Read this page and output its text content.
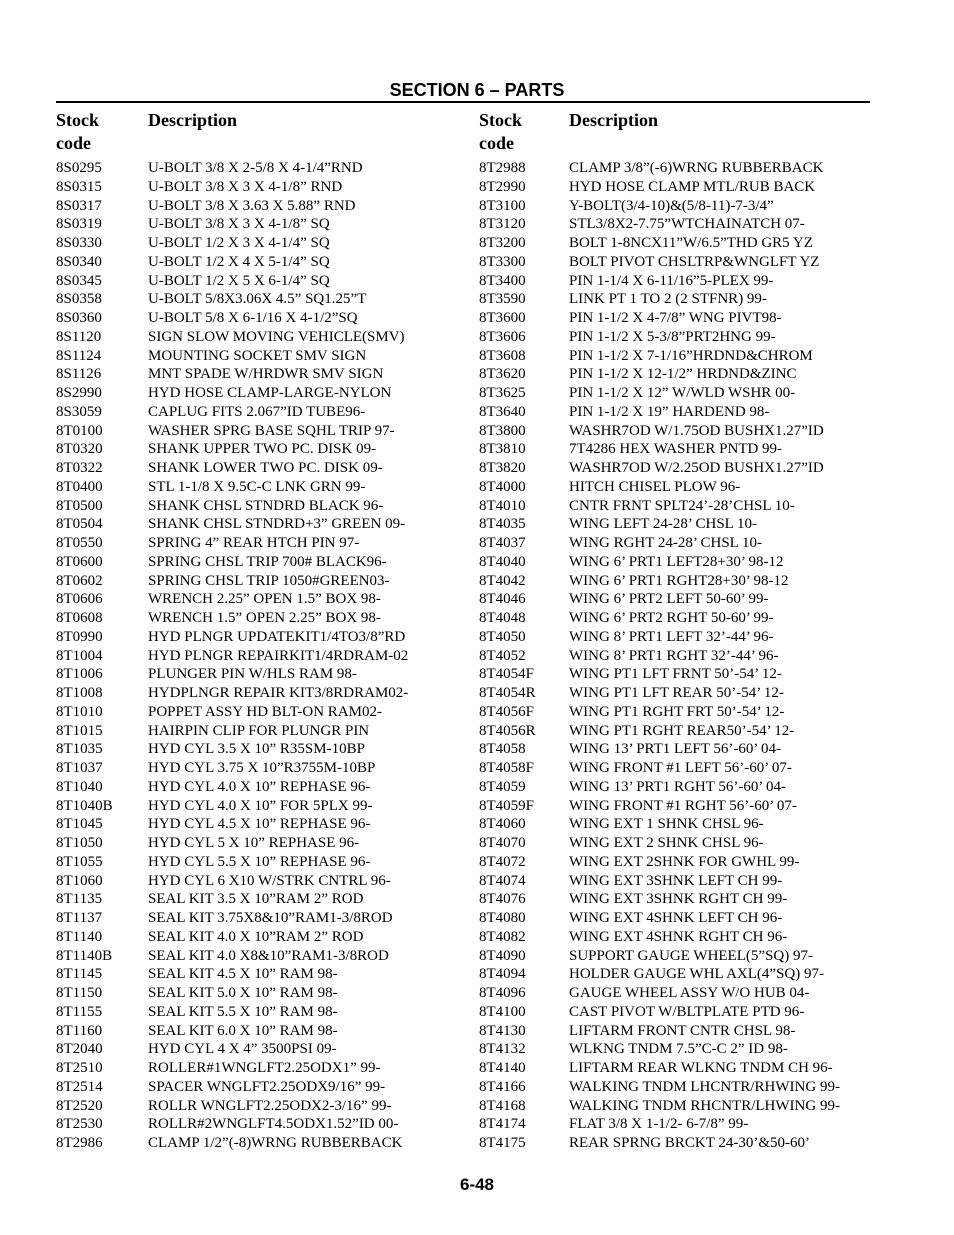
SECTION 6 – PARTS
Stock
code
Description
8S0295	U-BOLT 3/8 X 2-5/8 X 4-1/4”RND
8S0315	U-BOLT 3/8 X 3 X 4-1/8” RND
8S0317	U-BOLT 3/8 X 3.63 X 5.88” RND
8S0319	U-BOLT 3/8 X 3 X 4-1/8” SQ
8S0330	U-BOLT 1/2 X 3 X 4-1/4” SQ
8S0340	U-BOLT 1/2 X 4 X 5-1/4” SQ
8S0345	U-BOLT 1/2 X 5 X 6-1/4” SQ
8S0358	U-BOLT 5/8X3.06X 4.5” SQ1.25”T
8S0360	U-BOLT 5/8 X 6-1/16 X 4-1/2”SQ
8S1120	SIGN SLOW MOVING VEHICLE(SMV)
8S1124	MOUNTING SOCKET SMV SIGN
8S1126	MNT SPADE W/HRDWR SMV SIGN
8S2990	HYD HOSE CLAMP-LARGE-NYLON
8S3059	CAPLUG FITS 2.067”ID TUBE96-
8T0100	WASHER SPRG BASE SQHL TRIP 97-
8T0320	SHANK UPPER TWO PC. DISK 09-
8T0322	SHANK LOWER TWO PC. DISK 09-
8T0400	STL 1-1/8 X 9.5C-C LNK GRN 99-
8T0500	SHANK CHSL STNDRD BLACK 96-
8T0504	SHANK CHSL STNDRD+3” GREEN 09-
8T0550	SPRING 4” REAR HTCH PIN 97-
8T0600	SPRING CHSL TRIP 700# BLACK96-
8T0602	SPRING CHSL TRIP 1050#GREEN03-
8T0606	WRENCH 2.25” OPEN 1.5” BOX 98-
8T0608	WRENCH 1.5” OPEN 2.25” BOX 98-
8T0990	HYD PLNGR UPDATEKIT1/4TO3/8”RD
8T1004	HYD PLNGR REPAIRKIT1/4RDRAM-02
8T1006	PLUNGER PIN W/HLS RAM 98-
8T1008	HYDPLNGR REPAIR KIT3/8RDRAM02-
8T1010	POPPET ASSY HD BLT-ON RAM02-
8T1015	HAIRPIN CLIP FOR PLUNGR PIN
8T1035	HYD CYL 3.5 X 10” R35SM-10BP
8T1037	HYD CYL 3.75 X 10”R3755M-10BP
8T1040	HYD CYL 4.0 X 10” REPHASE 96-
8T1040B	HYD CYL 4.0 X 10” FOR 5PLX 99-
8T1045	HYD CYL 4.5 X 10” REPHASE 96-
8T1050	HYD CYL 5 X 10” REPHASE 96-
8T1055	HYD CYL 5.5 X 10” REPHASE 96-
8T1060	HYD CYL 6 X10 W/STRK CNTRL 96-
8T1135	SEAL KIT 3.5 X 10”RAM 2” ROD
8T1137	SEAL KIT 3.75X8&10”RAM1-3/8ROD
8T1140	SEAL KIT 4.0 X 10”RAM 2” ROD
8T1140B	SEAL KIT 4.0 X8&10”RAM1-3/8ROD
8T1145	SEAL KIT 4.5 X 10” RAM 98-
8T1150	SEAL KIT 5.0 X 10” RAM 98-
8T1155	SEAL KIT 5.5 X 10” RAM 98-
8T1160	SEAL KIT 6.0 X 10” RAM 98-
8T2040	HYD CYL 4 X 4” 3500PSI 09-
8T2510	ROLLER#1WNGLFT2.25ODX1” 99-
8T2514	SPACER WNGLFT2.25ODX9/16” 99-
8T2520	ROLLR WNGLFT2.25ODX2-3/16” 99-
8T2530	ROLLR#2WNGLFT4.5ODX1.52”ID 00-
8T2986	CLAMP 1/2”(-8)WRNG RUBBERBACK
Stock
code
Description
8T2988	CLAMP 3/8”(-6)WRNG RUBBERBACK
8T2990	HYD HOSE CLAMP MTL/RUB BACK
8T3100	Y-BOLT(3/4-10)&(5/8-11)-7-3/4”
8T3120	STL3/8X2-7.75”WTCHAINATCH 07-
8T3200	BOLT 1-8NCX11”W/6.5”THD GR5 YZ
8T3300	BOLT PIVOT CHSLTRP&WNGLFT YZ
8T3400	PIN 1-1/4 X 6-11/16”5-PLEX 99-
8T3590	LINK PT 1 TO 2 (2 STFNR) 99-
8T3600	PIN 1-1/2 X 4-7/8” WNG PIVT98-
8T3606	PIN 1-1/2 X 5-3/8”PRT2HNG 99-
8T3608	PIN 1-1/2 X 7-1/16”HRDND&CHROM
8T3620	PIN 1-1/2 X 12-1/2” HRDND&ZINC
8T3625	PIN 1-1/2 X 12” W/WLD WSHR 00-
8T3640	PIN 1-1/2 X 19” HARDEND 98-
8T3800	WASHR7OD W/1.75OD BUSHX1.27”ID
8T3810	7T4286 HEX WASHER PNTD 99-
8T3820	WASHR7OD W/2.25OD BUSHX1.27”ID
8T4000	HITCH CHISEL PLOW 96-
8T4010	CNTR FRNT SPLT24’-28’CHSL 10-
8T4035	WING LEFT 24-28’ CHSL 10-
8T4037	WING RGHT 24-28’ CHSL 10-
8T4040	WING 6’ PRT1 LEFT28+30’ 98-12
8T4042	WING 6’ PRT1 RGHT28+30’ 98-12
8T4046	WING 6’ PRT2 LEFT 50-60’ 99-
8T4048	WING 6’ PRT2 RGHT 50-60’ 99-
8T4050	WING 8’ PRT1 LEFT 32’-44’ 96-
8T4052	WING 8’ PRT1 RGHT 32’-44’ 96-
8T4054F	WING PT1 LFT FRNT 50’-54’ 12-
8T4054R	WING PT1 LFT REAR 50’-54’ 12-
8T4056F	WING PT1 RGHT FRT 50’-54’ 12-
8T4056R	WING PT1 RGHT REAR50’-54’ 12-
8T4058	WING 13’ PRT1 LEFT 56’-60’ 04-
8T4058F	WING FRONT #1 LEFT 56’-60’ 07-
8T4059	WING 13’ PRT1 RGHT 56’-60’ 04-
8T4059F	WING FRONT #1 RGHT 56’-60’ 07-
8T4060	WING EXT 1 SHNK CHSL 96-
8T4070	WING EXT 2 SHNK CHSL 96-
8T4072	WING EXT 2SHNK FOR GWHL 99-
8T4074	WING EXT 3SHNK LEFT CH 99-
8T4076	WING EXT 3SHNK RGHT CH 99-
8T4080	WING EXT 4SHNK LEFT CH 96-
8T4082	WING EXT 4SHNK RGHT CH 96-
8T4090	SUPPORT GAUGE WHEEL(5”SQ) 97-
8T4094	HOLDER GAUGE WHL AXL(4”SQ) 97-
8T4096	GAUGE WHEEL ASSY W/O HUB 04-
8T4100	CAST PIVOT W/BLTPLATE PTD 96-
8T4130	LIFTARM FRONT CNTR CHSL 98-
8T4132	WLKNG TNDM 7.5”C-C 2” ID 98-
8T4140	LIFTARM REAR WLKNG TNDM CH 96-
8T4166	WALKING TNDM LHCNTR/RHWING 99-
8T4168	WALKING TNDM RHCNTR/LHWING 99-
8T4174	FLAT 3/8 X 1-1/2- 6-7/8” 99-
8T4175	REAR SPRNG BRCKT 24-30’&50-60’
6-48
